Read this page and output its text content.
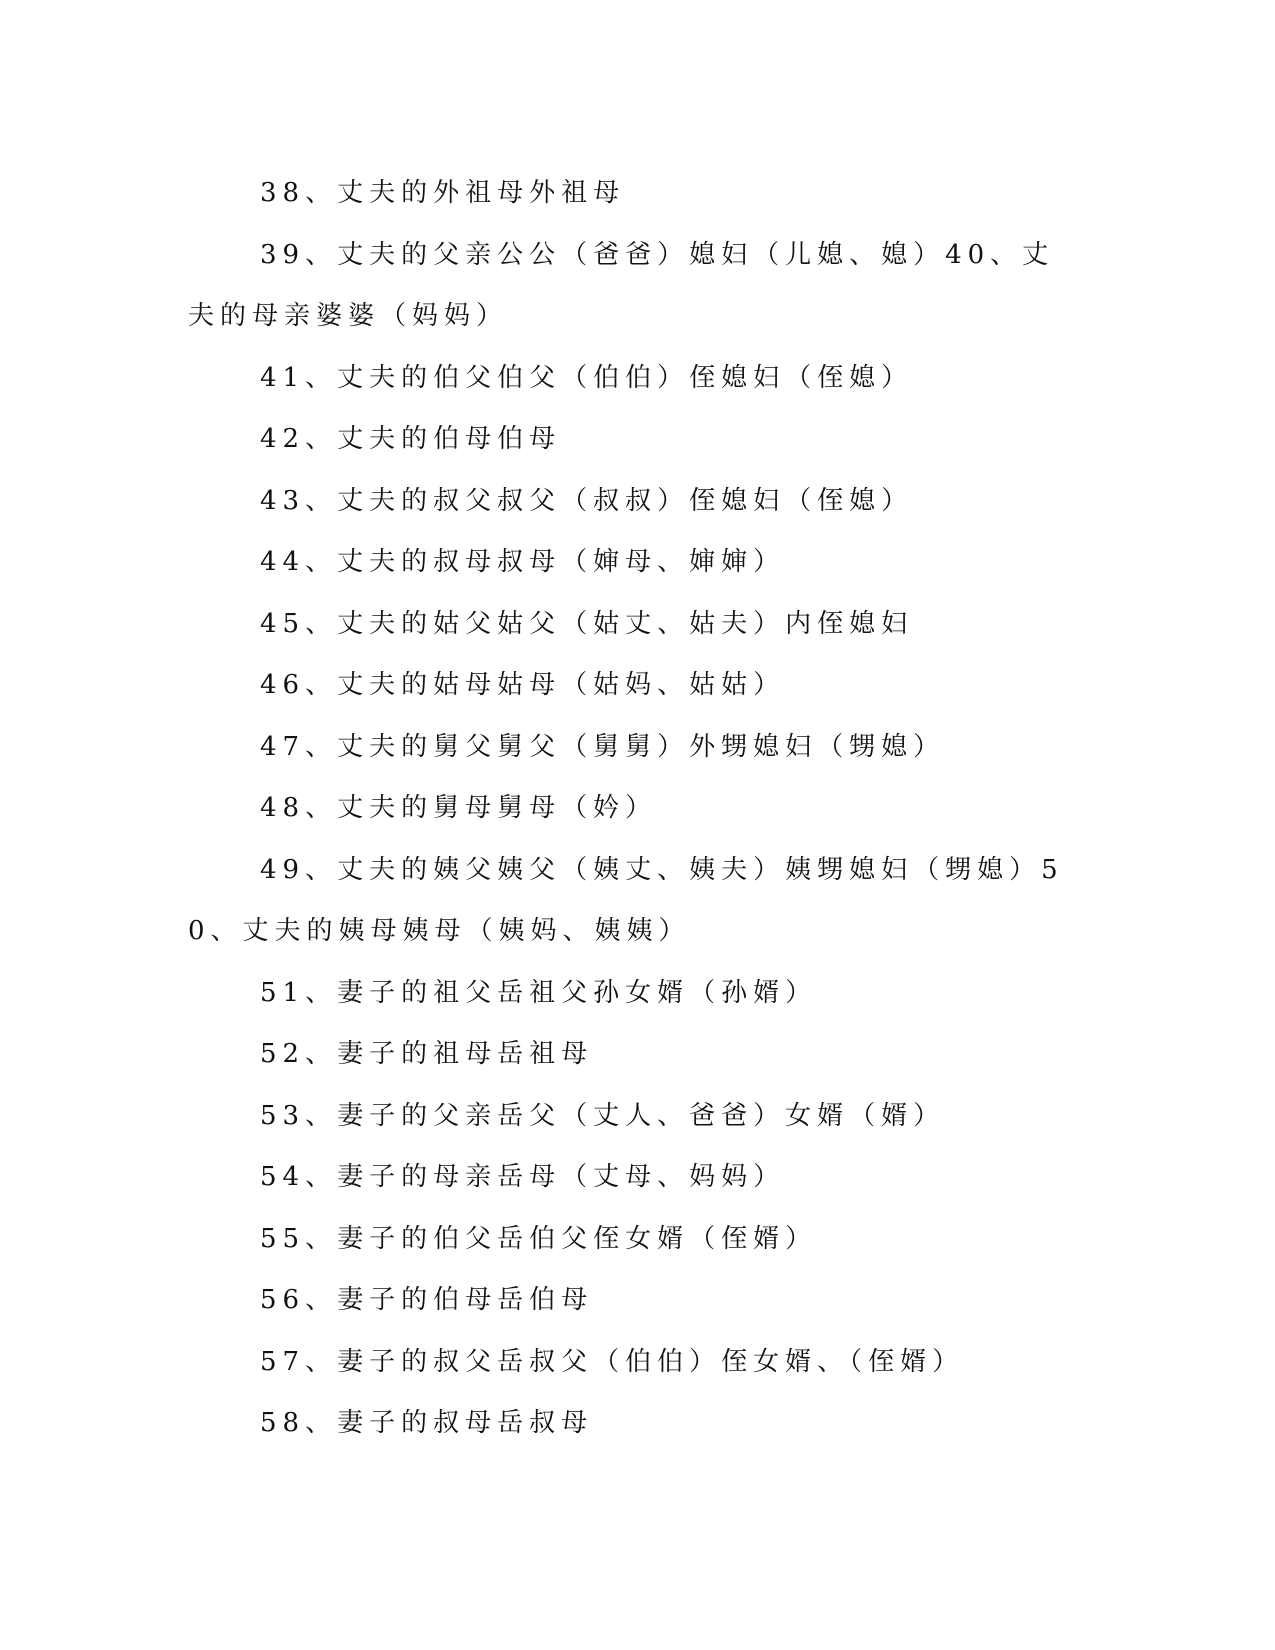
38、丈夫的外祖母外祖母

39、丈夫的父亲公公（爸爸）媳妇（儿媳、媳）40、丈夫的母亲婆婆（妈妈）

41、丈夫的伯父伯父（伯伯）侄媳妇（侄媳）

42、丈夫的伯母伯母

43、丈夫的叔父叔父（叔叔）侄媳妇（侄媳）

44、丈夫的叔母叔母（婶母、婶婶）

45、丈夫的姑父姑父（姑丈、姑夫）内侄媳妇

46、丈夫的姑母姑母（姑妈、姑姑）

47、丈夫的舅父舅父（舅舅）外甥媳妇（甥媳）

48、丈夫的舅母舅母（妗）

49、丈夫的姨父姨父（姨丈、姨夫）姨甥媳妇（甥媳）50、丈夫的姨母姨母（姨妈、姨姨）

51、妻子的祖父岳祖父孙女婿（孙婿）

52、妻子的祖母岳祖母

53、妻子的父亲岳父（丈人、爸爸）女婿（婿）

54、妻子的母亲岳母（丈母、妈妈）

55、妻子的伯父岳伯父侄女婿（侄婿）

56、妻子的伯母岳伯母

57、妻子的叔父岳叔父（伯伯）侄女婿、（侄婿）

58、妻子的叔母岳叔母
